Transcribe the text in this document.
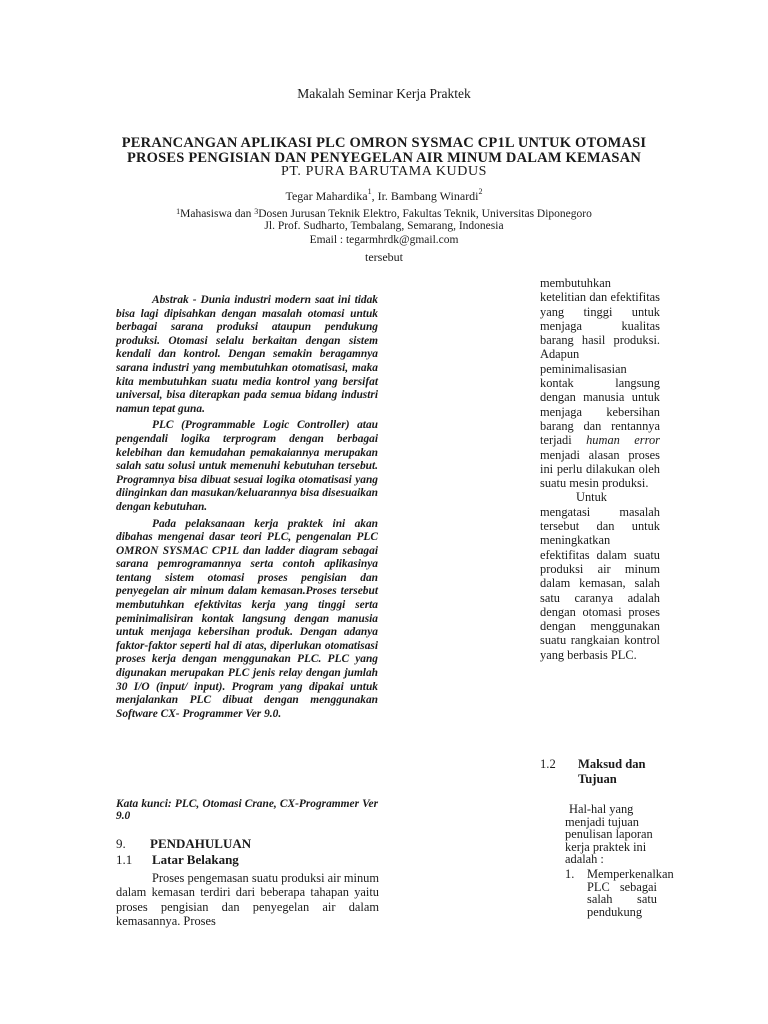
Makalah Seminar Kerja Praktek
PERANCANGAN APLIKASI PLC OMRON SYSMAC CP1L UNTUK OTOMASI
PROSES PENGISIAN DAN PENYEGELAN AIR MINUM DALAM KEMASAN
PT. PURA BARUTAMA KUDUS
Tegar Mahardika$^1$, Ir. Bambang Winardi$^2$
$^1$Mahasiswa dan $^3$Dosen Jurusan Teknik Elektro, Fakultas Teknik, Universitas Diponegoro
Jl. Prof. Sudharto, Tembalang, Semarang, Indonesia
Email : tegarmhrdk@gmail.com
tersebut

Abstrak - Dunia industri modern saat ini tidak bisa lagi dipisahkan dengan masalah otomasi untuk berbagai sarana produksi ataupun pendukung produksi. Otomasi selalu berkaitan dengan sistem kendali dan kontrol. Dengan semakin beragamnya sarana industri yang membutuhkan otomatisasi, maka kita membutuhkan suatu media kontrol yang bersifat universal, bisa diterapkan pada semua bidang industri namun tepat guna.

PLC (Programmable Logic Controller) atau pengendali logika terprogram dengan berbagai kelebihan dan kemudahan pemakaiannya merupakan salah satu solusi untuk memenuhi kebutuhan tersebut. Programnya bisa dibuat sesuai logika otomatisasi yang diinginkan dan masukan/keluarannya bisa disesuaikan dengan kebutuhan.

Pada pelaksanaan kerja praktek ini akan dibahas mengenai dasar teori PLC, pengenalan PLC OMRON SYSMAC CP1L dan ladder diagram sebagai sarana pemrogramannya serta contoh aplikasinya tentang sistem otomasi proses pengisian dan penyegelan air minum dalam kemasan.Proses tersebut membutuhkan efektivitas kerja yang tinggi serta peminimalisiran kontak langsung dengan manusia untuk menjaga kebersihan produk. Dengan adanya faktor-faktor seperti hal di atas, diperlukan otomatisasi proses kerja dengan menggunakan PLC. PLC yang digunakan merupakan PLC jenis relay dengan jumlah 30 I/O (input/ input). Program yang dipakai untuk menjalankan PLC dibuat dengan menggunakan Software CX- Programmer Ver 9.0.

Kata kunci: PLC, Otomasi Crane, CX-Programmer Ver 9.0
9. PENDAHULUAN
1.1 Latar Belakang

Proses pengemasan suatu produksi air minum dalam kemasan terdiri dari beberapa tahapan yaitu proses pengisian dan penyegelan air dalam kemasannya. Proses

membutuhkan ketelitian dan efektifitas yang tinggi untuk menjaga kualitas barang hasil produksi. Adapun peminimalisasian kontak langsung dengan manusia untuk menjaga kebersihan barang dan rentannya terjadi human error menjadi alasan proses ini perlu dilakukan oleh suatu mesin produksi.

Untuk mengatasi masalah tersebut dan untuk meningkatkan efektifitas dalam suatu produksi air minum dalam kemasan, salah satu caranya adalah dengan otomasi proses dengan menggunakan suatu rangkaian kontrol yang berbasis PLC.

1.2 Maksud dan
Tujuan

Hal-hal yang menjadi tujuan penulisan laporan kerja praktek ini adalah :

1. Memperkenalkan PLC sebagai salah satu pendukung
